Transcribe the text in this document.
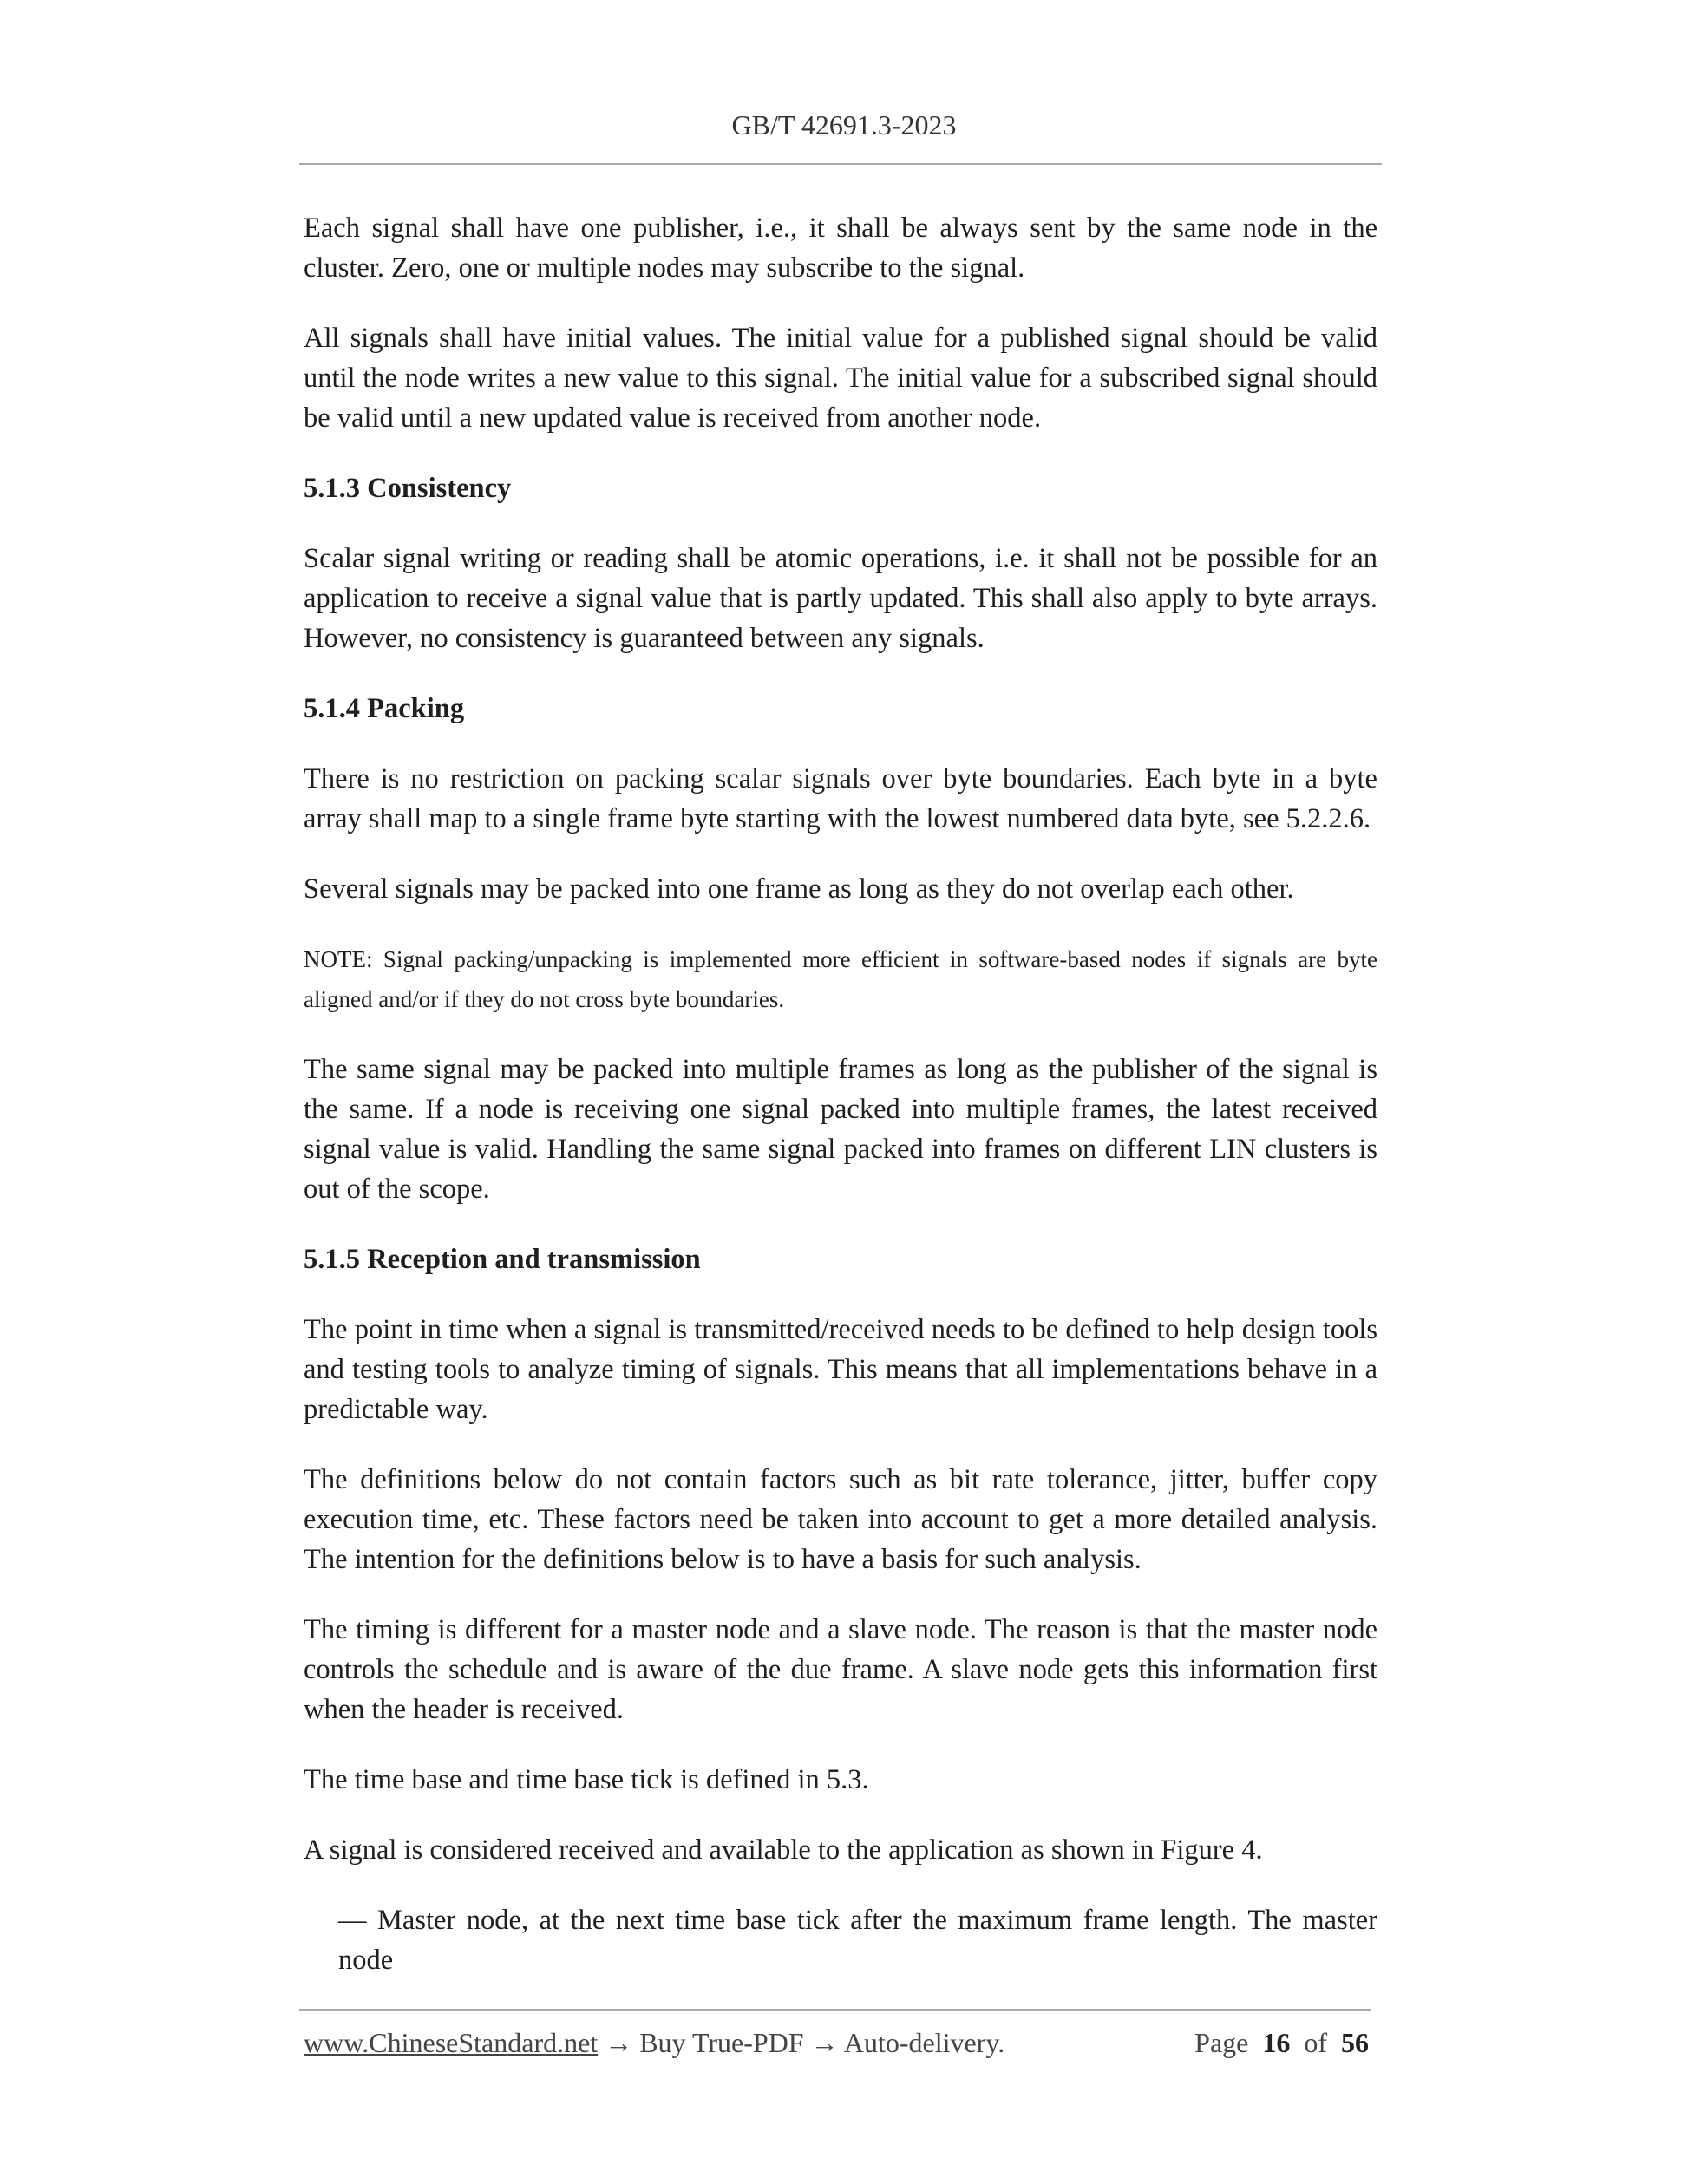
GB/T 42691.3-2023

Each signal shall have one publisher, i.e., it shall be always sent by the same node in the cluster. Zero, one or multiple nodes may subscribe to the signal.

All signals shall have initial values. The initial value for a published signal should be valid until the node writes a new value to this signal. The initial value for a subscribed signal should be valid until a new updated value is received from another node.

5.1.3 Consistency

Scalar signal writing or reading shall be atomic operations, i.e. it shall not be possible for an application to receive a signal value that is partly updated. This shall also apply to byte arrays. However, no consistency is guaranteed between any signals.

5.1.4 Packing

There is no restriction on packing scalar signals over byte boundaries. Each byte in a byte array shall map to a single frame byte starting with the lowest numbered data byte, see 5.2.2.6.

Several signals may be packed into one frame as long as they do not overlap each other.

NOTE: Signal packing/unpacking is implemented more efficient in software-based nodes if signals are byte aligned and/or if they do not cross byte boundaries.

The same signal may be packed into multiple frames as long as the publisher of the signal is the same. If a node is receiving one signal packed into multiple frames, the latest received signal value is valid. Handling the same signal packed into frames on different LIN clusters is out of the scope.

5.1.5 Reception and transmission

The point in time when a signal is transmitted/received needs to be defined to help design tools and testing tools to analyze timing of signals. This means that all implementations behave in a predictable way.

The definitions below do not contain factors such as bit rate tolerance, jitter, buffer copy execution time, etc. These factors need be taken into account to get a more detailed analysis. The intention for the definitions below is to have a basis for such analysis.

The timing is different for a master node and a slave node. The reason is that the master node controls the schedule and is aware of the due frame. A slave node gets this information first when the header is received.

The time base and time base tick is defined in 5.3.

A signal is considered received and available to the application as shown in Figure 4.

— Master node, at the next time base tick after the maximum frame length. The master node

www.ChineseStandard.net → Buy True-PDF → Auto-delivery.	Page 16 of 56
